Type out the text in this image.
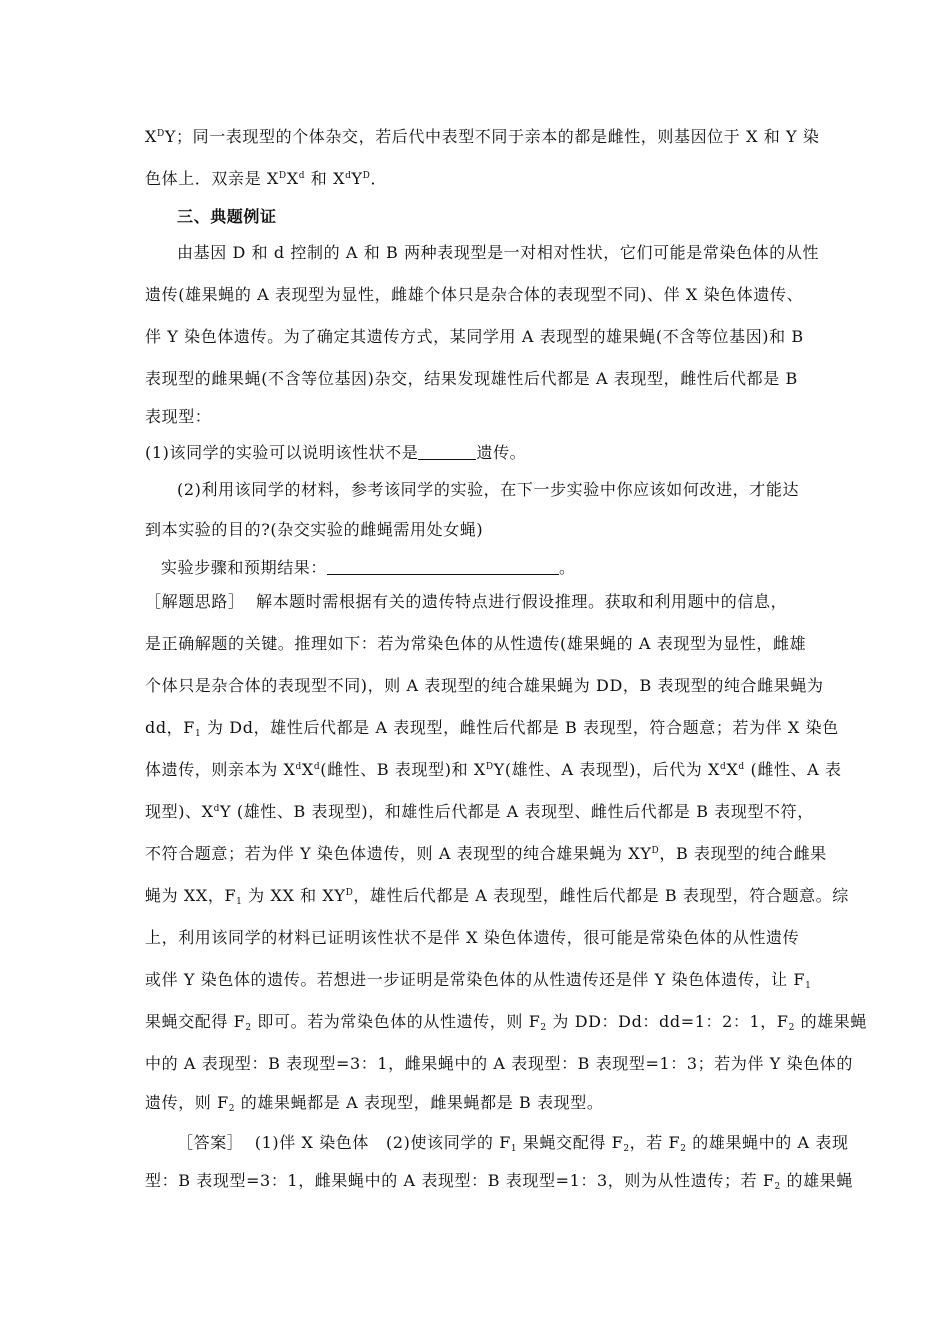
$X^DY$；同一表现型的个体杂交，若后代中表型不同于亲本的都是雌性，则基因位于 X 和 Y 染
色体上．双亲是 $X^DX^d$ 和 $X^dY^D$．
三、典题例证
由基因 D 和 d 控制的 A 和 B 两种表现型是一对相对性状，它们可能是常染色体的从性
遗传(雄果蝇的 A 表现型为显性，雌雄个体只是杂合体的表现型不同)、伴 X 染色体遗传、
伴 Y 染色体遗传。为了确定其遗传方式，某同学用 A 表现型的雄果蝇(不含等位基因)和 B
表现型的雌果蝇(不含等位基因)杂交，结果发现雄性后代都是 A 表现型，雌性后代都是 B
表现型：
(1)该同学的实验可以说明该性状不是	遗传。
(2)利用该同学的材料，参考该同学的实验，在下一步实验中你应该如何改进，才能达
到本实验的目的?(杂交实验的雌蝇需用处女蝇)
实验步骤和预期结果：	。
［解题思路］  解本题时需根据有关的遗传特点进行假设推理。获取和利用题中的信息，
是正确解题的关键。推理如下：若为常染色体的从性遗传(雄果蝇的 A 表现型为显性，雌雄
个体只是杂合体的表现型不同)，则 A 表现型的纯合雄果蝇为 DD，B 表现型的纯合雌果蝇为
dd，$F_1$ 为 Dd，雄性后代都是 A 表现型，雌性后代都是 B 表现型，符合题意；若为伴 X 染色
体遗传，则亲本为 $X^dX^d$(雌性、B 表现型)和 $X^DY$(雄性、A 表现型)，后代为 $X^dX^d$ (雌性、A 表
现型)、$X^dY$ (雄性、B 表现型)，和雄性后代都是 A 表现型、雌性后代都是 B 表现型不符，
不符合题意；若为伴 Y 染色体遗传，则 A 表现型的纯合雄果蝇为 $XY^D$，B 表现型的纯合雌果
蝇为 XX，$F_1$ 为 XX 和 $XY^D$，雄性后代都是 A 表现型，雌性后代都是 B 表现型，符合题意。综
上，利用该同学的材料已证明该性状不是伴 X 染色体遗传，很可能是常染色体的从性遗传
或伴 Y 染色体的遗传。若想进一步证明是常染色体的从性遗传还是伴 Y 染色体遗传，让 $F_1$
果蝇交配得 $F_2$ 即可。若为常染色体的从性遗传，则 $F_2$ 为 DD：Dd：dd=1：2：1，$F_2$ 的雄果蝇
中的 A 表现型：B 表现型=3：1，雌果蝇中的 A 表现型：B 表现型=1：3；若为伴 Y 染色体的
遗传，则 $F_2$ 的雄果蝇都是 A 表现型，雌果蝇都是 B 表现型。
［答案］  (1)伴 X 染色体   (2)使该同学的 $F_1$ 果蝇交配得 $F_2$，若 $F_2$ 的雄果蝇中的 A 表现
型：B 表现型=3：1，雌果蝇中的 A 表现型：B 表现型=1：3，则为从性遗传；若 $F_2$ 的雄果蝇
